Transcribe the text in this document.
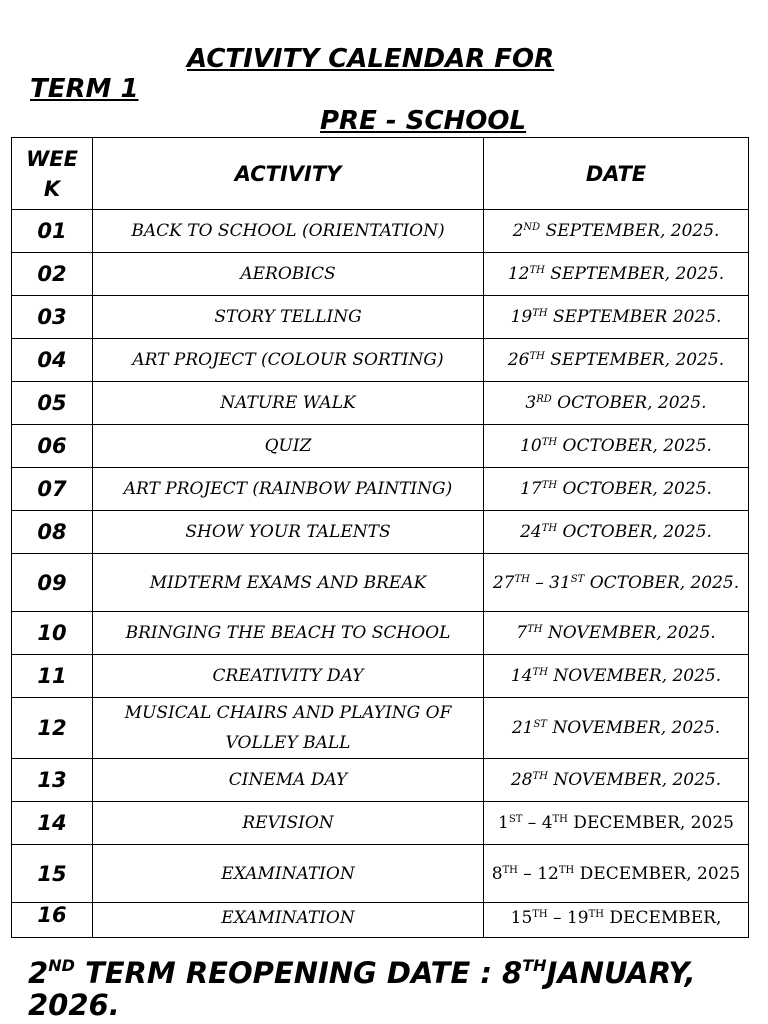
ACTIVITY CALENDAR FOR
TERM 1
PRE - SCHOOL
WEE
K	ACTIVITY	DATE
01	BACK TO SCHOOL (ORIENTATION)	2ND SEPTEMBER, 2025.
02	AEROBICS	12TH SEPTEMBER, 2025.
03	STORY TELLING	19TH SEPTEMBER 2025.
04	ART PROJECT (COLOUR SORTING)	26TH SEPTEMBER, 2025.
05	NATURE WALK	3RD OCTOBER, 2025.
06	QUIZ	10TH OCTOBER, 2025.
07	ART PROJECT (RAINBOW PAINTING)	17TH OCTOBER, 2025.
08	SHOW YOUR TALENTS	24TH OCTOBER, 2025.
09	MIDTERM EXAMS AND BREAK	27TH – 31ST OCTOBER, 2025.
10	BRINGING THE BEACH TO SCHOOL	7TH NOVEMBER, 2025.
11	CREATIVITY DAY	14TH NOVEMBER, 2025.
12	MUSICAL CHAIRS AND PLAYING OF VOLLEY BALL	21ST NOVEMBER, 2025.
13	CINEMA DAY	28TH NOVEMBER, 2025.
14	REVISION	1ST – 4TH DECEMBER, 2025
15	EXAMINATION	8TH – 12TH DECEMBER, 2025
16	EXAMINATION	15TH – 19TH DECEMBER,
2ND TERM REOPENING DATE : 8THJANUARY, 2026.
